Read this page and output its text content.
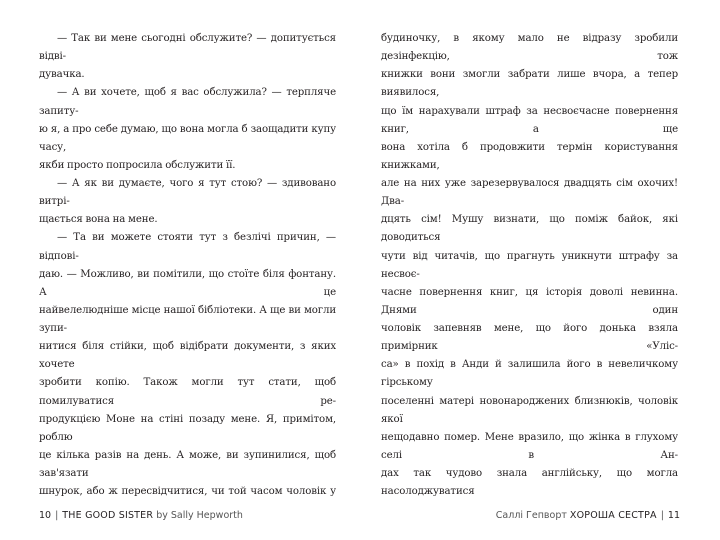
— Так ви мене сьогодні обслужите? — допитується відві-

дувачка.

— А ви хочете, щоб я вас обслужила? — терпляче запиту-

ю я, а про себе думаю, що вона могла б заощадити купу часу,

якби просто попросила обслужити її.

— А як ви думаєте, чого я тут стою? — здивовано витрі-

щається вона на мене.

— Та ви можете стояти тут з безлічі причин, — відпові-

даю. — Можливо, ви помітили, що стоїте біля фонтану. А це

найвелелюдніше місце нашої бібліотеки. А ще ви могли зупи-

нитися біля стійки, щоб відібрати документи, з яких хочете

зробити копію. Також могли тут стати, щоб помилуватися ре-

продукцією Моне на стіні позаду мене. Я, примітом, роблю

це кілька разів на день. А може, ви зупинилися, щоб зав'язати

шнурок, або ж пересвідчитися, чи той часом чоловік у

будиночку, в якому мало не відразу зробили дезінфекцію, тож

книжки вони змогли забрати лише вчора, а тепер виявилося,

що їм нарахували штраф за несвоєчасне повернення книг, а ще

вона хотіла б продовжити термін користування книжками,

але на них уже зарезервувалося двадцять сім охочих! Два-

дцять сім! Мушу визнати, що поміж байок, які доводиться

чути від читачів, що прагнуть уникнути штрафу за несвоє-

часне повернення книг, ця історія доволі невинна. Днями один

чоловік запевняв мене, що його донька взяла примірник «Уліс-

са» в похід в Анди й залишила його в невеличкому гірському

поселенні матері новонароджених близнюків, чоловік якої

нещодавно помер. Мене вразило, що жінка в глухому селі в Ан-

дах так чудово знала англійську, що могла насолоджуватися

10 | THE GOOD SISTER by Sally Hepworth	Саллі Гепворт ХОРОША СЕСТРА | 11
